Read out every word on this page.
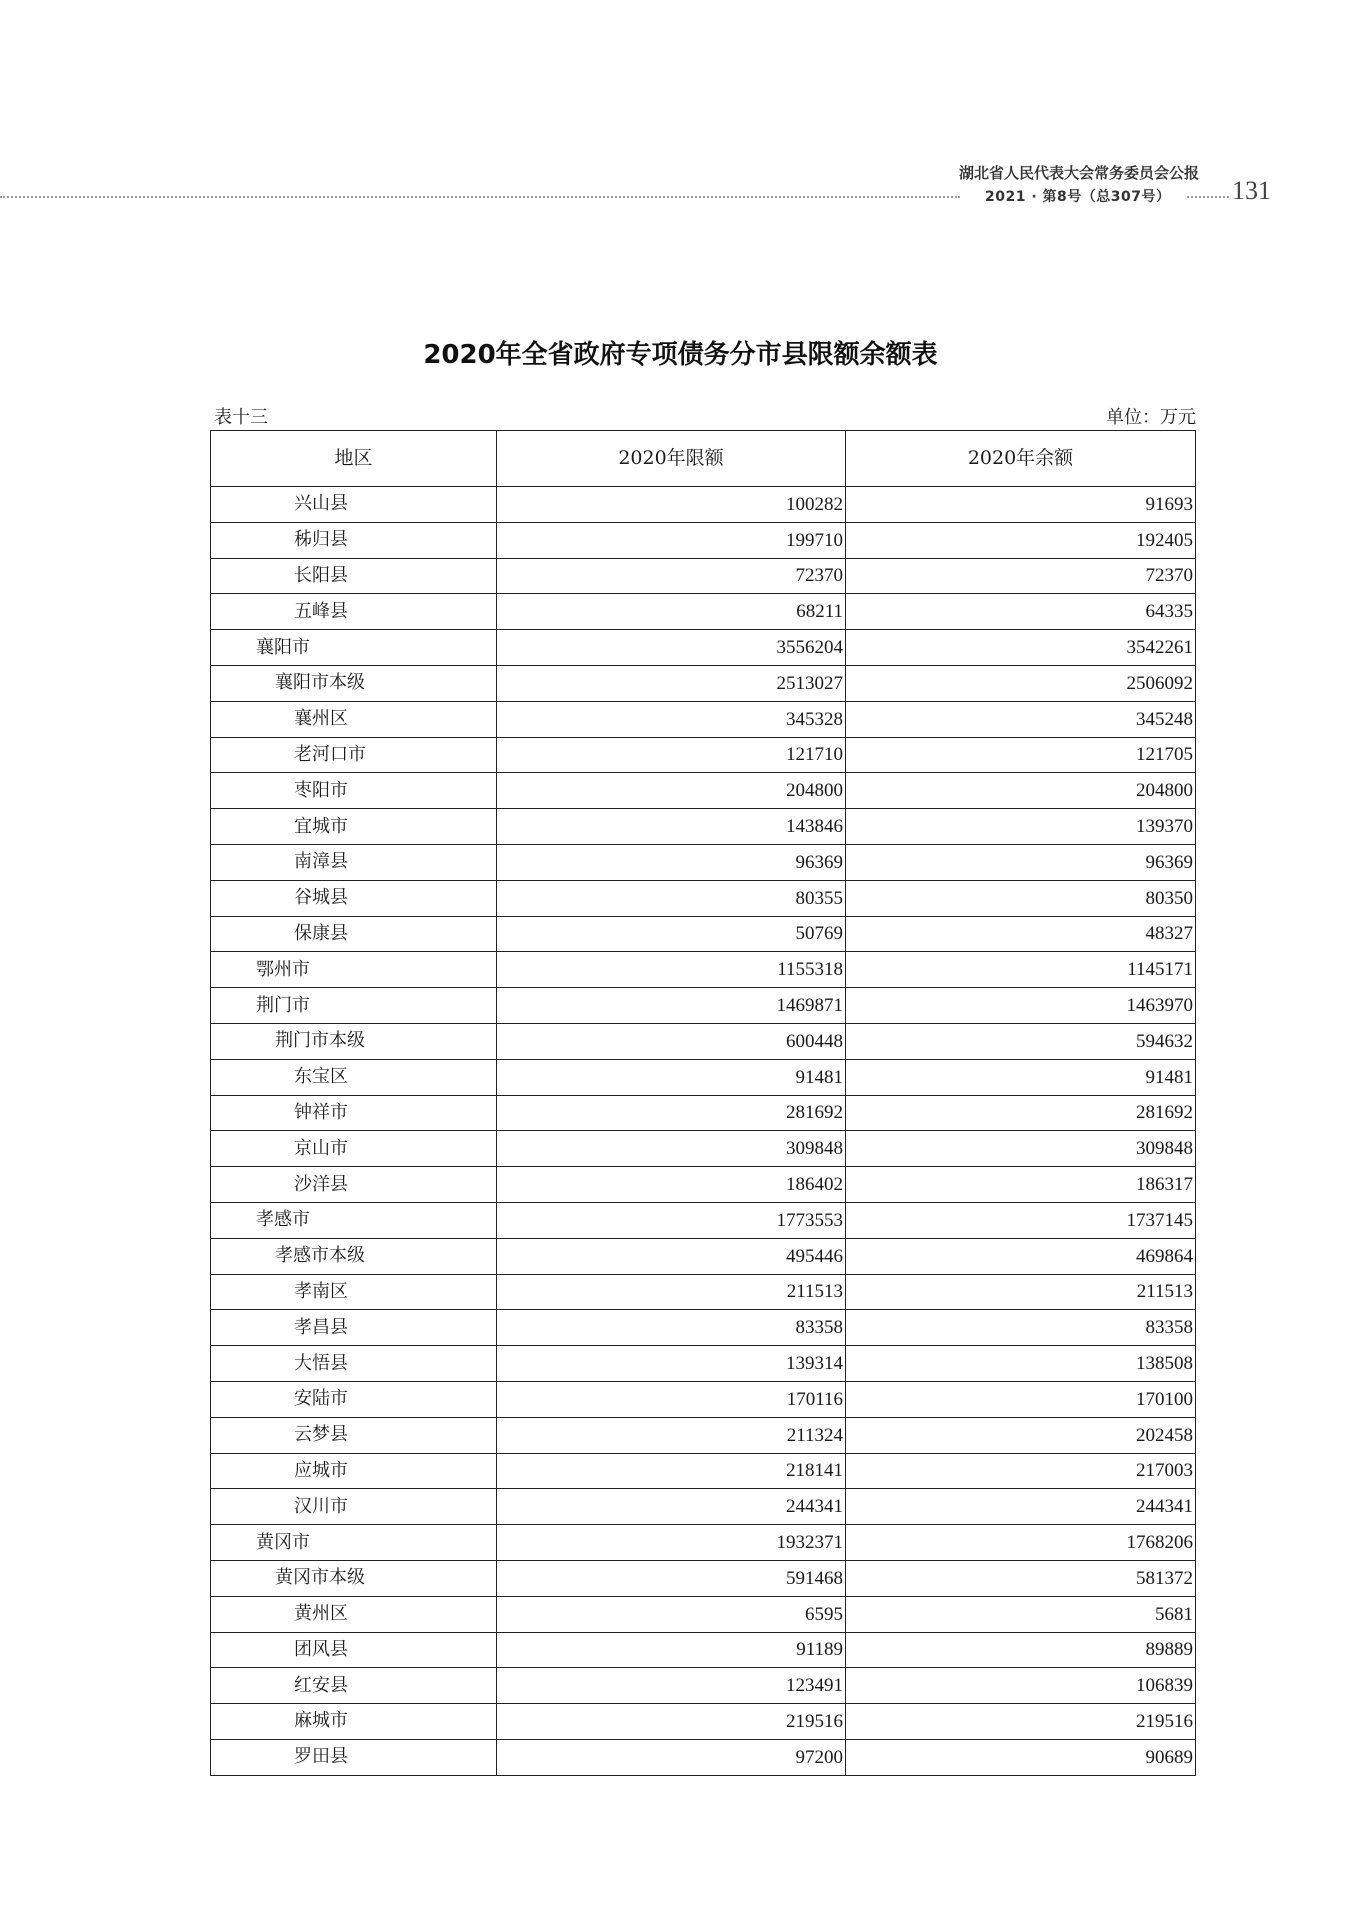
湖北省人民代表大会常务委员会公报
2021 · 第8号（总307号） 131
2020年全省政府专项债务分市县限额余额表
表十三	单位：万元
地区	2020年限额	2020年余额
兴山县	100282	91693
秭归县	199710	192405
长阳县	72370	72370
五峰县	68211	64335
襄阳市	3556204	3542261
襄阳市本级	2513027	2506092
襄州区	345328	345248
老河口市	121710	121705
枣阳市	204800	204800
宜城市	143846	139370
南漳县	96369	96369
谷城县	80355	80350
保康县	50769	48327
鄂州市	1155318	1145171
荆门市	1469871	1463970
荆门市本级	600448	594632
东宝区	91481	91481
钟祥市	281692	281692
京山市	309848	309848
沙洋县	186402	186317
孝感市	1773553	1737145
孝感市本级	495446	469864
孝南区	211513	211513
孝昌县	83358	83358
大悟县	139314	138508
安陆市	170116	170100
云梦县	211324	202458
应城市	218141	217003
汉川市	244341	244341
黄冈市	1932371	1768206
黄冈市本级	591468	581372
黄州区	6595	5681
团风县	91189	89889
红安县	123491	106839
麻城市	219516	219516
罗田县	97200	90689
